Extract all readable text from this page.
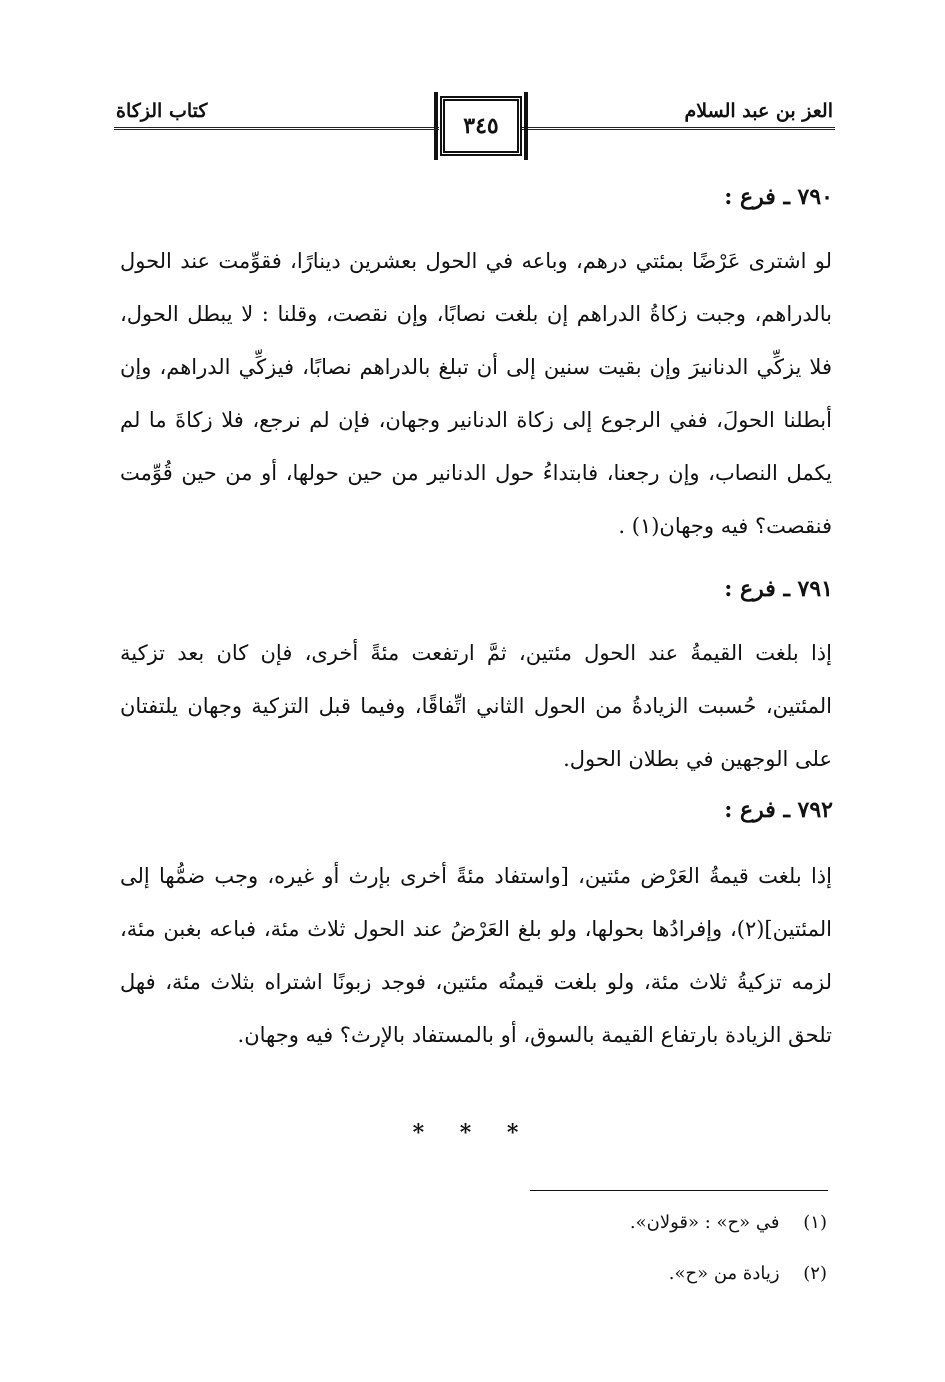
العز بن عبد السلام
٣٤٥
كتاب الزكاة
٧٩٠ ـ فرع :
لو اشترى عَرْضًا بمئتي درهم، وباعه في الحول بعشرين دينارًا، فقوِّمت عند الحول بالدراهم، وجبت زكاةُ الدراهم إن بلغت نصابًا، وإن نقصت، وقلنا : لا يبطل الحول، فلا يزكِّي الدنانيرَ وإن بقيت سنين إلى أن تبلغ بالدراهم نصابًا، فيزكِّي الدراهم، وإن أبطلنا الحولَ، ففي الرجوع إلى زكاة الدنانير وجهان، فإن لم نرجع، فلا زكاةَ ما لم يكمل النصاب، وإن رجعنا، فابتداءُ حول الدنانير من حين حولها، أو من حين قُوِّمت فنقصت؟ فيه وجهان(١) .
٧٩١ ـ فرع :
إذا بلغت القيمةُ عند الحول مئتين، ثمَّ ارتفعت مئةً أخرى، فإن كان بعد تزكية المئتين، حُسبت الزيادةُ من الحول الثاني اتِّفاقًا، وفيما قبل التزكية وجهان يلتفتان على الوجهين في بطلان الحول.
٧٩٢ ـ فرع :
إذا بلغت قيمةُ العَرْض مئتين، [واستفاد مئةً أخرى بإرث أو غيره، وجب ضمُّها إلى المئتين](٢)، وإفرادُها بحولها، ولو بلغ العَرْضُ عند الحول ثلاث مئة، فباعه بغبن مئة، لزمه تزكيةُ ثلاث مئة، ولو بلغت قيمتُه مئتين، فوجد زبونًا اشتراه بثلاث مئة، فهل تلحق الزيادة بارتفاع القيمة بالسوق، أو بالمستفاد بالإرث؟ فيه وجهان.
* * *
(١) في «ح» : «قولان».
(٢) زيادة من «ح».
